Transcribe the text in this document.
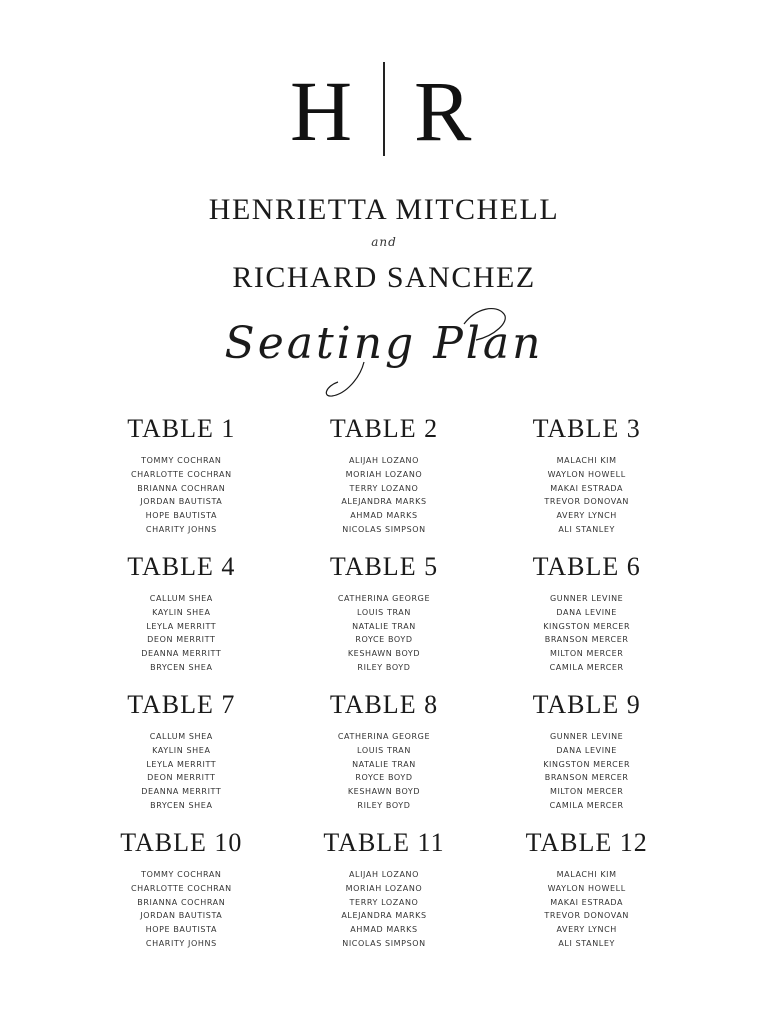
H R
HENRIETTA MITCHELL
and
RICHARD SANCHEZ
Seating Plan
TABLE 1
TOMMY COCHRAN
CHARLOTTE COCHRAN
BRIANNA COCHRAN
JORDAN BAUTISTA
HOPE BAUTISTA
CHARITY JOHNS
TABLE 2
ALIJAH LOZANO
MORIAH LOZANO
TERRY LOZANO
ALEJANDRA MARKS
AHMAD MARKS
NICOLAS SIMPSON
TABLE 3
MALACHI KIM
WAYLON HOWELL
MAKAI ESTRADA
TREVOR DONOVAN
AVERY LYNCH
ALI STANLEY
TABLE 4
CALLUM SHEA
KAYLIN SHEA
LEYLA MERRITT
DEON MERRITT
DEANNA MERRITT
BRYCEN SHEA
TABLE 5
CATHERINA GEORGE
LOUIS TRAN
NATALIE TRAN
ROYCE BOYD
KESHAWN BOYD
RILEY BOYD
TABLE 6
GUNNER LEVINE
DANA LEVINE
KINGSTON MERCER
BRANSON MERCER
MILTON MERCER
CAMILA MERCER
TABLE 7
CALLUM SHEA
KAYLIN SHEA
LEYLA MERRITT
DEON MERRITT
DEANNA MERRITT
BRYCEN SHEA
TABLE 8
CATHERINA GEORGE
LOUIS TRAN
NATALIE TRAN
ROYCE BOYD
KESHAWN BOYD
RILEY BOYD
TABLE 9
GUNNER LEVINE
DANA LEVINE
KINGSTON MERCER
BRANSON MERCER
MILTON MERCER
CAMILA MERCER
TABLE 10
TOMMY COCHRAN
CHARLOTTE COCHRAN
BRIANNA COCHRAN
JORDAN BAUTISTA
HOPE BAUTISTA
CHARITY JOHNS
TABLE 11
ALIJAH LOZANO
MORIAH LOZANO
TERRY LOZANO
ALEJANDRA MARKS
AHMAD MARKS
NICOLAS SIMPSON
TABLE 12
MALACHI KIM
WAYLON HOWELL
MAKAI ESTRADA
TREVOR DONOVAN
AVERY LYNCH
ALI STANLEY
